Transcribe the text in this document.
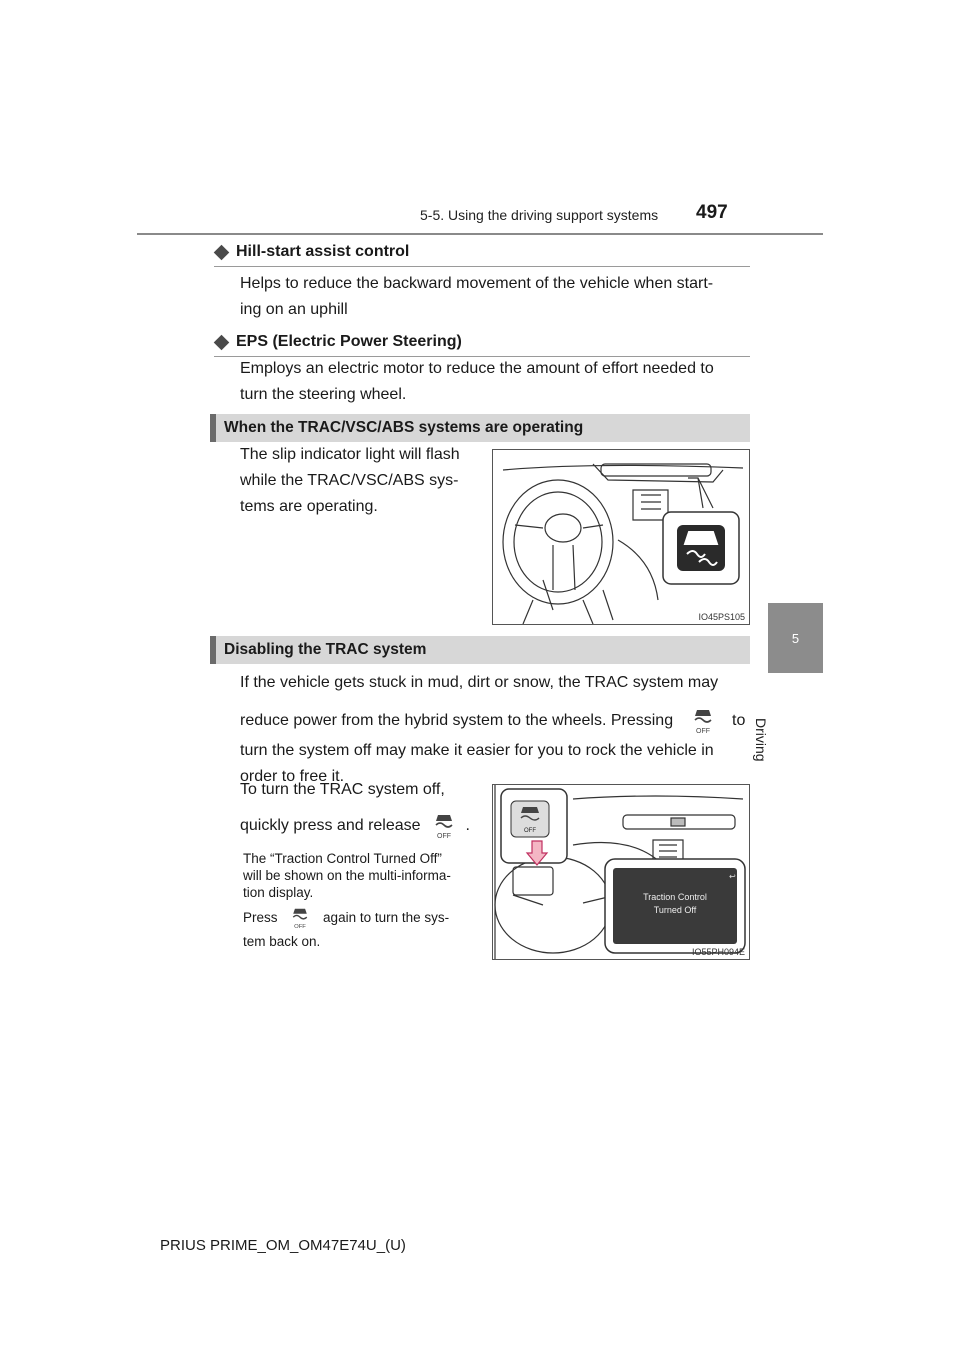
5-5. Using the driving support systems 497
5
Driving
Hill-start assist control
Helps to reduce the backward movement of the vehicle when start-
ing on an uphill
EPS (Electric Power Steering)
Employs an electric motor to reduce the amount of effort needed to
turn the steering wheel.
When the TRAC/VSC/ABS systems are operating
The slip indicator light will flash
while the TRAC/VSC/ABS sys-
tems are operating.
IO45PS105
Disabling the TRAC system
If the vehicle gets stuck in mud, dirt or snow, the TRAC system may
reduce power from the hybrid system to the wheels. Pressing
OFF
to
turn the system off may make it easier for you to rock the vehicle in
order to free it.
To turn the TRAC system off,
quickly press and release
OFF
.
The “Traction Control Turned Off”
will be shown on the multi-informa-
tion display.
Press
OFF
again to turn the sys-
tem back on.
OFF
↩
Traction Control
Turned Off
IO55PH094E
PRIUS PRIME_OM_OM47E74U_(U)
